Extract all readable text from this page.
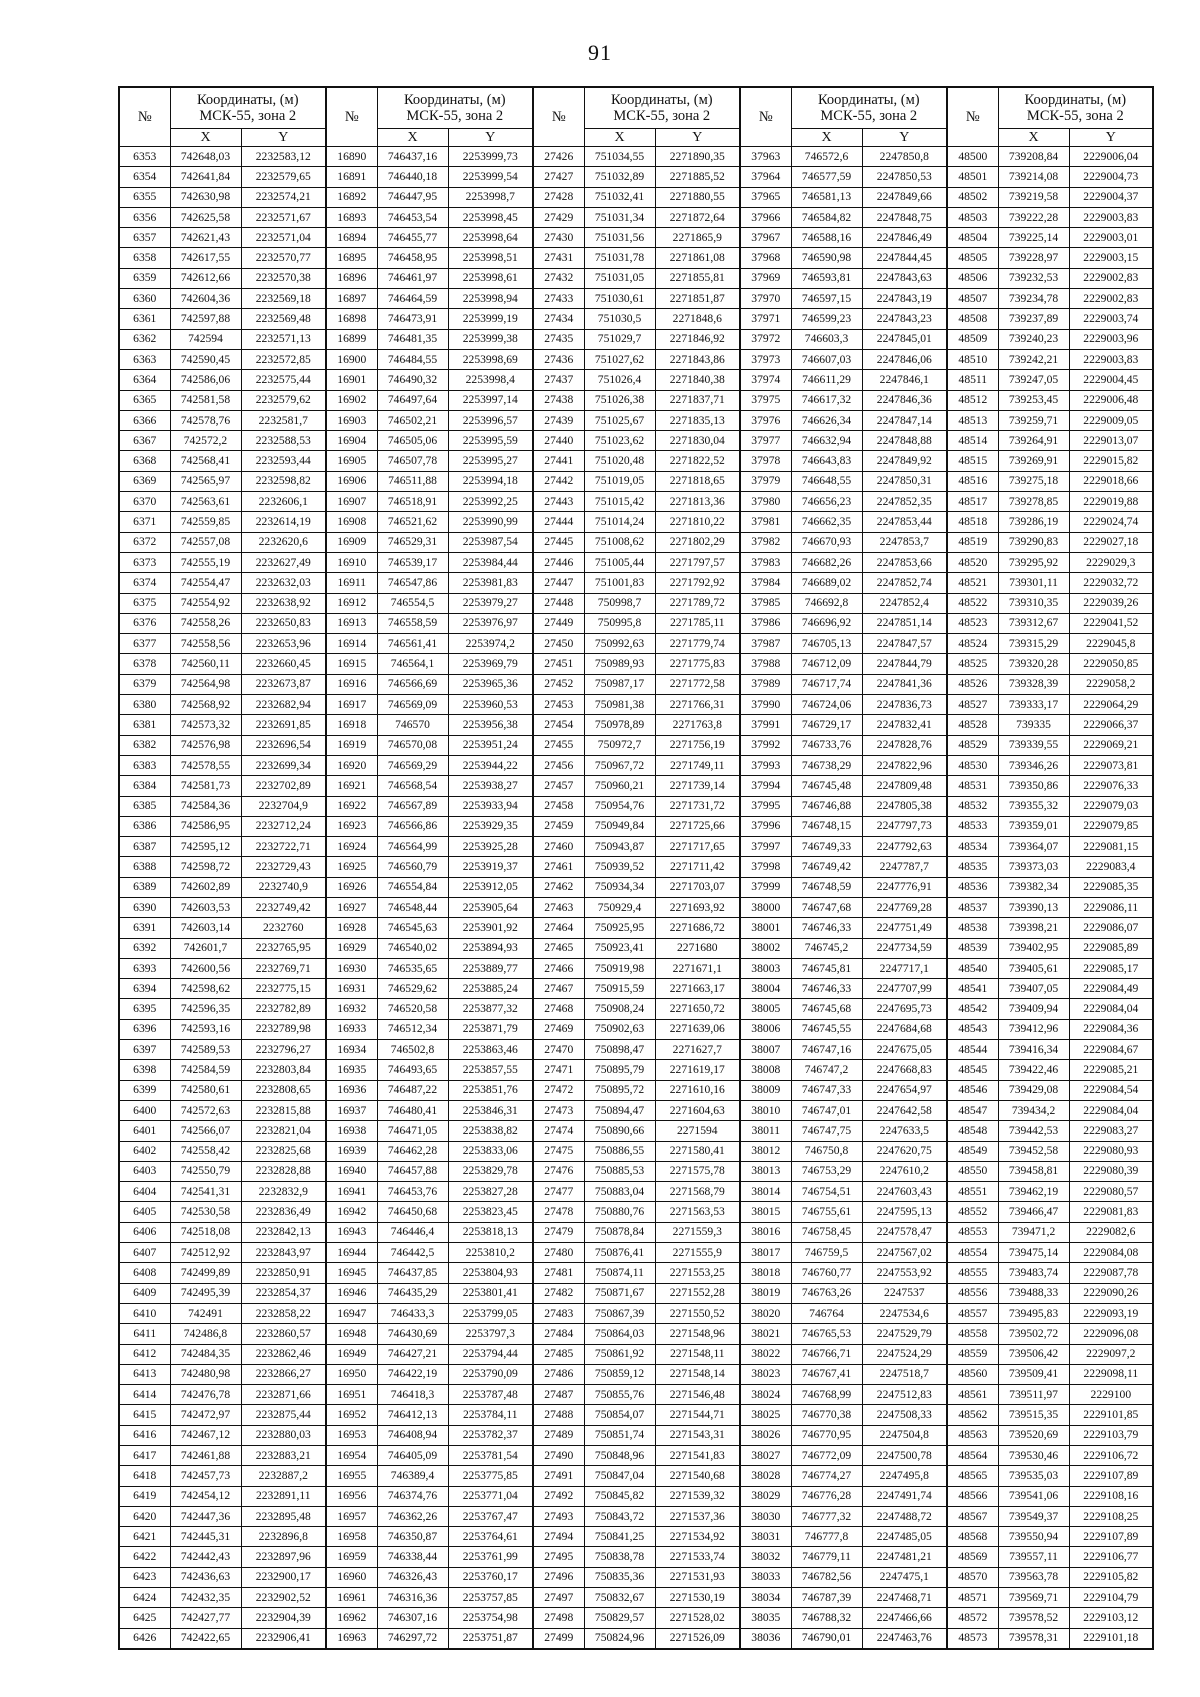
91
№	Координаты, (м)
МСК-55, зона 2		№	Координаты, (м)
МСК-55, зона 2		№	Координаты, (м)
МСК-55, зона 2		№	Координаты, (м)
МСК-55, зона 2		№	Координаты, (м)
МСК-55, зона 2	
	X	Y		X	Y		X	Y		X	Y		X	Y
6353	742648,03	2232583,12	16890	746437,16	2253999,73	27426	751034,55	2271890,35	37963	746572,6	2247850,8	48500	739208,84	2229006,04
6354	742641,84	2232579,65	16891	746440,18	2253999,54	27427	751032,89	2271885,52	37964	746577,59	2247850,53	48501	739214,08	2229004,73
6355	742630,98	2232574,21	16892	746447,95	2253998,7	27428	751032,41	2271880,55	37965	746581,13	2247849,66	48502	739219,58	2229004,37
6356	742625,58	2232571,67	16893	746453,54	2253998,45	27429	751031,34	2271872,64	37966	746584,82	2247848,75	48503	739222,28	2229003,83
6357	742621,43	2232571,04	16894	746455,77	2253998,64	27430	751031,56	2271865,9	37967	746588,16	2247846,49	48504	739225,14	2229003,01
6358	742617,55	2232570,77	16895	746458,95	2253998,51	27431	751031,78	2271861,08	37968	746590,98	2247844,45	48505	739228,97	2229003,15
6359	742612,66	2232570,38	16896	746461,97	2253998,61	27432	751031,05	2271855,81	37969	746593,81	2247843,63	48506	739232,53	2229002,83
6360	742604,36	2232569,18	16897	746464,59	2253998,94	27433	751030,61	2271851,87	37970	746597,15	2247843,19	48507	739234,78	2229002,83
6361	742597,88	2232569,48	16898	746473,91	2253999,19	27434	751030,5	2271848,6	37971	746599,23	2247843,23	48508	739237,89	2229003,74
6362	742594	2232571,13	16899	746481,35	2253999,38	27435	751029,7	2271846,92	37972	746603,3	2247845,01	48509	739240,23	2229003,96
6363	742590,45	2232572,85	16900	746484,55	2253998,69	27436	751027,62	2271843,86	37973	746607,03	2247846,06	48510	739242,21	2229003,83
6364	742586,06	2232575,44	16901	746490,32	2253998,4	27437	751026,4	2271840,38	37974	746611,29	2247846,1	48511	739247,05	2229004,45
6365	742581,58	2232579,62	16902	746497,64	2253997,14	27438	751026,38	2271837,71	37975	746617,32	2247846,36	48512	739253,45	2229006,48
6366	742578,76	2232581,7	16903	746502,21	2253996,57	27439	751025,67	2271835,13	37976	746626,34	2247847,14	48513	739259,71	2229009,05
6367	742572,2	2232588,53	16904	746505,06	2253995,59	27440	751023,62	2271830,04	37977	746632,94	2247848,88	48514	739264,91	2229013,07
6368	742568,41	2232593,44	16905	746507,78	2253995,27	27441	751020,48	2271822,52	37978	746643,83	2247849,92	48515	739269,91	2229015,82
6369	742565,97	2232598,82	16906	746511,88	2253994,18	27442	751019,05	2271818,65	37979	746648,55	2247850,31	48516	739275,18	2229018,66
6370	742563,61	2232606,1	16907	746518,91	2253992,25	27443	751015,42	2271813,36	37980	746656,23	2247852,35	48517	739278,85	2229019,88
6371	742559,85	2232614,19	16908	746521,62	2253990,99	27444	751014,24	2271810,22	37981	746662,35	2247853,44	48518	739286,19	2229024,74
6372	742557,08	2232620,6	16909	746529,31	2253987,54	27445	751008,62	2271802,29	37982	746670,93	2247853,7	48519	739290,83	2229027,18
6373	742555,19	2232627,49	16910	746539,17	2253984,44	27446	751005,44	2271797,57	37983	746682,26	2247853,66	48520	739295,92	2229029,3
6374	742554,47	2232632,03	16911	746547,86	2253981,83	27447	751001,83	2271792,92	37984	746689,02	2247852,74	48521	739301,11	2229032,72
6375	742554,92	2232638,92	16912	746554,5	2253979,27	27448	750998,7	2271789,72	37985	746692,8	2247852,4	48522	739310,35	2229039,26
6376	742558,26	2232650,83	16913	746558,59	2253976,97	27449	750995,8	2271785,11	37986	746696,92	2247851,14	48523	739312,67	2229041,52
6377	742558,56	2232653,96	16914	746561,41	2253974,2	27450	750992,63	2271779,74	37987	746705,13	2247847,57	48524	739315,29	2229045,8
6378	742560,11	2232660,45	16915	746564,1	2253969,79	27451	750989,93	2271775,83	37988	746712,09	2247844,79	48525	739320,28	2229050,85
6379	742564,98	2232673,87	16916	746566,69	2253965,36	27452	750987,17	2271772,58	37989	746717,74	2247841,36	48526	739328,39	2229058,2
6380	742568,92	2232682,94	16917	746569,09	2253960,53	27453	750981,38	2271766,31	37990	746724,06	2247836,73	48527	739333,17	2229064,29
6381	742573,32	2232691,85	16918	746570	2253956,38	27454	750978,89	2271763,8	37991	746729,17	2247832,41	48528	739335	2229066,37
6382	742576,98	2232696,54	16919	746570,08	2253951,24	27455	750972,7	2271756,19	37992	746733,76	2247828,76	48529	739339,55	2229069,21
6383	742578,55	2232699,34	16920	746569,29	2253944,22	27456	750967,72	2271749,11	37993	746738,29	2247822,96	48530	739346,26	2229073,81
6384	742581,73	2232702,89	16921	746568,54	2253938,27	27457	750960,21	2271739,14	37994	746745,48	2247809,48	48531	739350,86	2229076,33
6385	742584,36	2232704,9	16922	746567,89	2253933,94	27458	750954,76	2271731,72	37995	746746,88	2247805,38	48532	739355,32	2229079,03
6386	742586,95	2232712,24	16923	746566,86	2253929,35	27459	750949,84	2271725,66	37996	746748,15	2247797,73	48533	739359,01	2229079,85
6387	742595,12	2232722,71	16924	746564,99	2253925,28	27460	750943,87	2271717,65	37997	746749,33	2247792,63	48534	739364,07	2229081,15
6388	742598,72	2232729,43	16925	746560,79	2253919,37	27461	750939,52	2271711,42	37998	746749,42	2247787,7	48535	739373,03	2229083,4
6389	742602,89	2232740,9	16926	746554,84	2253912,05	27462	750934,34	2271703,07	37999	746748,59	2247776,91	48536	739382,34	2229085,35
6390	742603,53	2232749,42	16927	746548,44	2253905,64	27463	750929,4	2271693,92	38000	746747,68	2247769,28	48537	739390,13	2229086,11
6391	742603,14	2232760	16928	746545,63	2253901,92	27464	750925,95	2271686,72	38001	746746,33	2247751,49	48538	739398,21	2229086,07
6392	742601,7	2232765,95	16929	746540,02	2253894,93	27465	750923,41	2271680	38002	746745,2	2247734,59	48539	739402,95	2229085,89
6393	742600,56	2232769,71	16930	746535,65	2253889,77	27466	750919,98	2271671,1	38003	746745,81	2247717,1	48540	739405,61	2229085,17
6394	742598,62	2232775,15	16931	746529,62	2253885,24	27467	750915,59	2271663,17	38004	746746,33	2247707,99	48541	739407,05	2229084,49
6395	742596,35	2232782,89	16932	746520,58	2253877,32	27468	750908,24	2271650,72	38005	746745,68	2247695,73	48542	739409,94	2229084,04
6396	742593,16	2232789,98	16933	746512,34	2253871,79	27469	750902,63	2271639,06	38006	746745,55	2247684,68	48543	739412,96	2229084,36
6397	742589,53	2232796,27	16934	746502,8	2253863,46	27470	750898,47	2271627,7	38007	746747,16	2247675,05	48544	739416,34	2229084,67
6398	742584,59	2232803,84	16935	746493,65	2253857,55	27471	750895,79	2271619,17	38008	746747,2	2247668,83	48545	739422,46	2229085,21
6399	742580,61	2232808,65	16936	746487,22	2253851,76	27472	750895,72	2271610,16	38009	746747,33	2247654,97	48546	739429,08	2229084,54
6400	742572,63	2232815,88	16937	746480,41	2253846,31	27473	750894,47	2271604,63	38010	746747,01	2247642,58	48547	739434,2	2229084,04
6401	742566,07	2232821,04	16938	746471,05	2253838,82	27474	750890,66	2271594	38011	746747,75	2247633,5	48548	739442,53	2229083,27
6402	742558,42	2232825,68	16939	746462,28	2253833,06	27475	750886,55	2271580,41	38012	746750,8	2247620,75	48549	739452,58	2229080,93
6403	742550,79	2232828,88	16940	746457,88	2253829,78	27476	750885,53	2271575,78	38013	746753,29	2247610,2	48550	739458,81	2229080,39
6404	742541,31	2232832,9	16941	746453,76	2253827,28	27477	750883,04	2271568,79	38014	746754,51	2247603,43	48551	739462,19	2229080,57
6405	742530,58	2232836,49	16942	746450,68	2253823,45	27478	750880,76	2271563,53	38015	746755,61	2247595,13	48552	739466,47	2229081,83
6406	742518,08	2232842,13	16943	746446,4	2253818,13	27479	750878,84	2271559,3	38016	746758,45	2247578,47	48553	739471,2	2229082,6
6407	742512,92	2232843,97	16944	746442,5	2253810,2	27480	750876,41	2271555,9	38017	746759,5	2247567,02	48554	739475,14	2229084,08
6408	742499,89	2232850,91	16945	746437,85	2253804,93	27481	750874,11	2271553,25	38018	746760,77	2247553,92	48555	739483,74	2229087,78
6409	742495,39	2232854,37	16946	746435,29	2253801,41	27482	750871,67	2271552,28	38019	746763,26	2247537	48556	739488,33	2229090,26
6410	742491	2232858,22	16947	746433,3	2253799,05	27483	750867,39	2271550,52	38020	746764	2247534,6	48557	739495,83	2229093,19
6411	742486,8	2232860,57	16948	746430,69	2253797,3	27484	750864,03	2271548,96	38021	746765,53	2247529,79	48558	739502,72	2229096,08
6412	742484,35	2232862,46	16949	746427,21	2253794,44	27485	750861,92	2271548,11	38022	746766,71	2247524,29	48559	739506,42	2229097,2
6413	742480,98	2232866,27	16950	746422,19	2253790,09	27486	750859,12	2271548,14	38023	746767,41	2247518,7	48560	739509,41	2229098,11
6414	742476,78	2232871,66	16951	746418,3	2253787,48	27487	750855,76	2271546,48	38024	746768,99	2247512,83	48561	739511,97	2229100
6415	742472,97	2232875,44	16952	746412,13	2253784,11	27488	750854,07	2271544,71	38025	746770,38	2247508,33	48562	739515,35	2229101,85
6416	742467,12	2232880,03	16953	746408,94	2253782,37	27489	750851,74	2271543,31	38026	746770,95	2247504,8	48563	739520,69	2229103,79
6417	742461,88	2232883,21	16954	746405,09	2253781,54	27490	750848,96	2271541,83	38027	746772,09	2247500,78	48564	739530,46	2229106,72
6418	742457,73	2232887,2	16955	746389,4	2253775,85	27491	750847,04	2271540,68	38028	746774,27	2247495,8	48565	739535,03	2229107,89
6419	742454,12	2232891,11	16956	746374,76	2253771,04	27492	750845,82	2271539,32	38029	746776,28	2247491,74	48566	739541,06	2229108,16
6420	742447,36	2232895,48	16957	746362,26	2253767,47	27493	750843,72	2271537,36	38030	746777,32	2247488,72	48567	739549,37	2229108,25
6421	742445,31	2232896,8	16958	746350,87	2253764,61	27494	750841,25	2271534,92	38031	746777,8	2247485,05	48568	739550,94	2229107,89
6422	742442,43	2232897,96	16959	746338,44	2253761,99	27495	750838,78	2271533,74	38032	746779,11	2247481,21	48569	739557,11	2229106,77
6423	742436,63	2232900,17	16960	746326,43	2253760,17	27496	750835,36	2271531,93	38033	746782,56	2247475,1	48570	739563,78	2229105,82
6424	742432,35	2232902,52	16961	746316,36	2253757,85	27497	750832,67	2271530,19	38034	746787,39	2247468,71	48571	739569,71	2229104,79
6425	742427,77	2232904,39	16962	746307,16	2253754,98	27498	750829,57	2271528,02	38035	746788,32	2247466,66	48572	739578,52	2229103,12
6426	742422,65	2232906,41	16963	746297,72	2253751,87	27499	750824,96	2271526,09	38036	746790,01	2247463,76	48573	739578,31	2229101,18
